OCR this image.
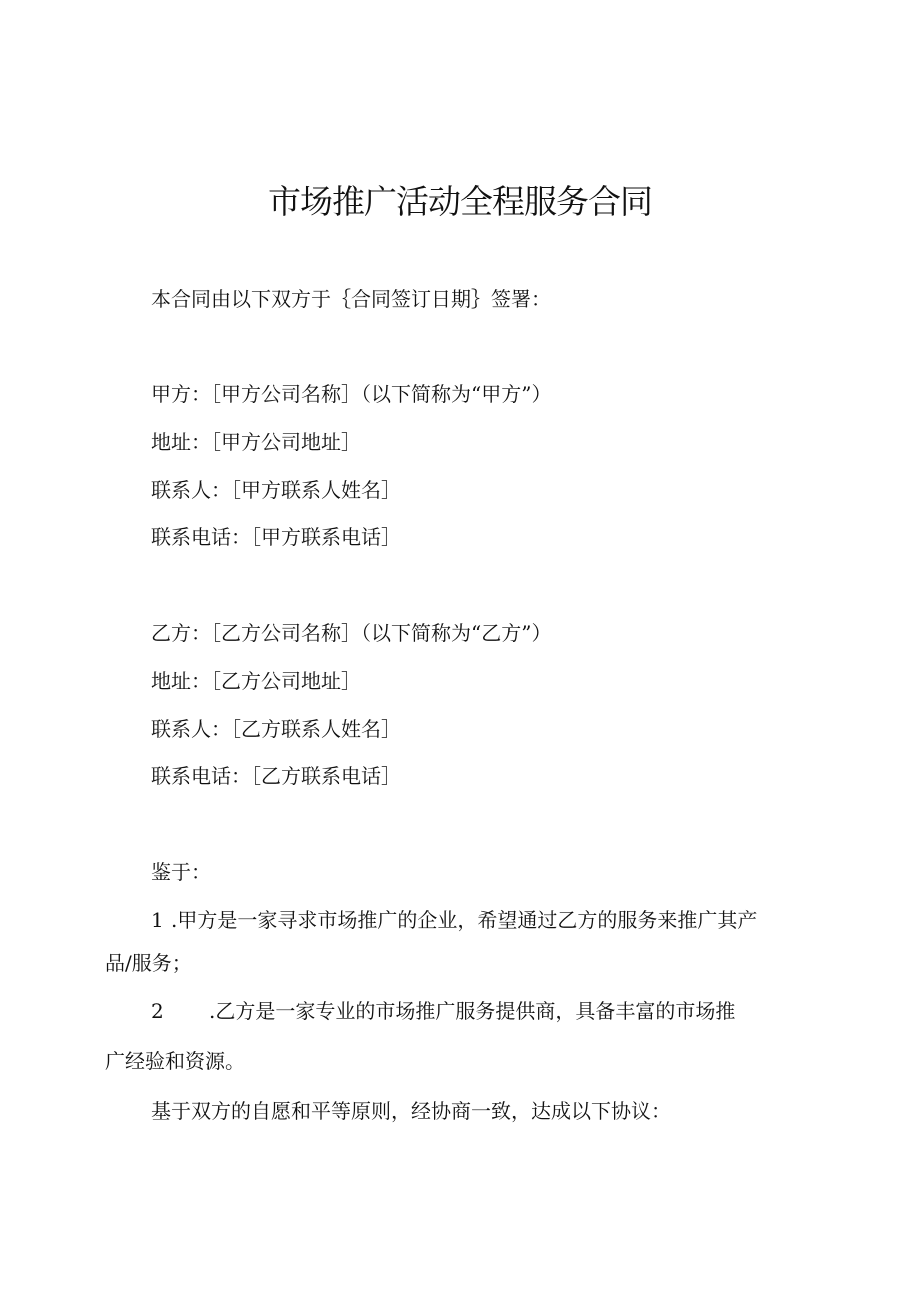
市场推广活动全程服务合同
本合同由以下双方于｛合同签订日期｝签署：
甲方：［甲方公司名称］（以下简称为“甲方”）
地址：［甲方公司地址］
联系人：［甲方联系人姓名］
联系电话：［甲方联系电话］
乙方：［乙方公司名称］（以下简称为“乙方”）
地址：［乙方公司地址］
联系人：［乙方联系人姓名］
联系电话：［乙方联系电话］
鉴于：
1 .甲方是一家寻求市场推广的企业，希望通过乙方的服务来推广其产
品/服务；
2 .乙方是一家专业的市场推广服务提供商，具备丰富的市场推
广经验和资源。
基于双方的自愿和平等原则，经协商一致，达成以下协议：
